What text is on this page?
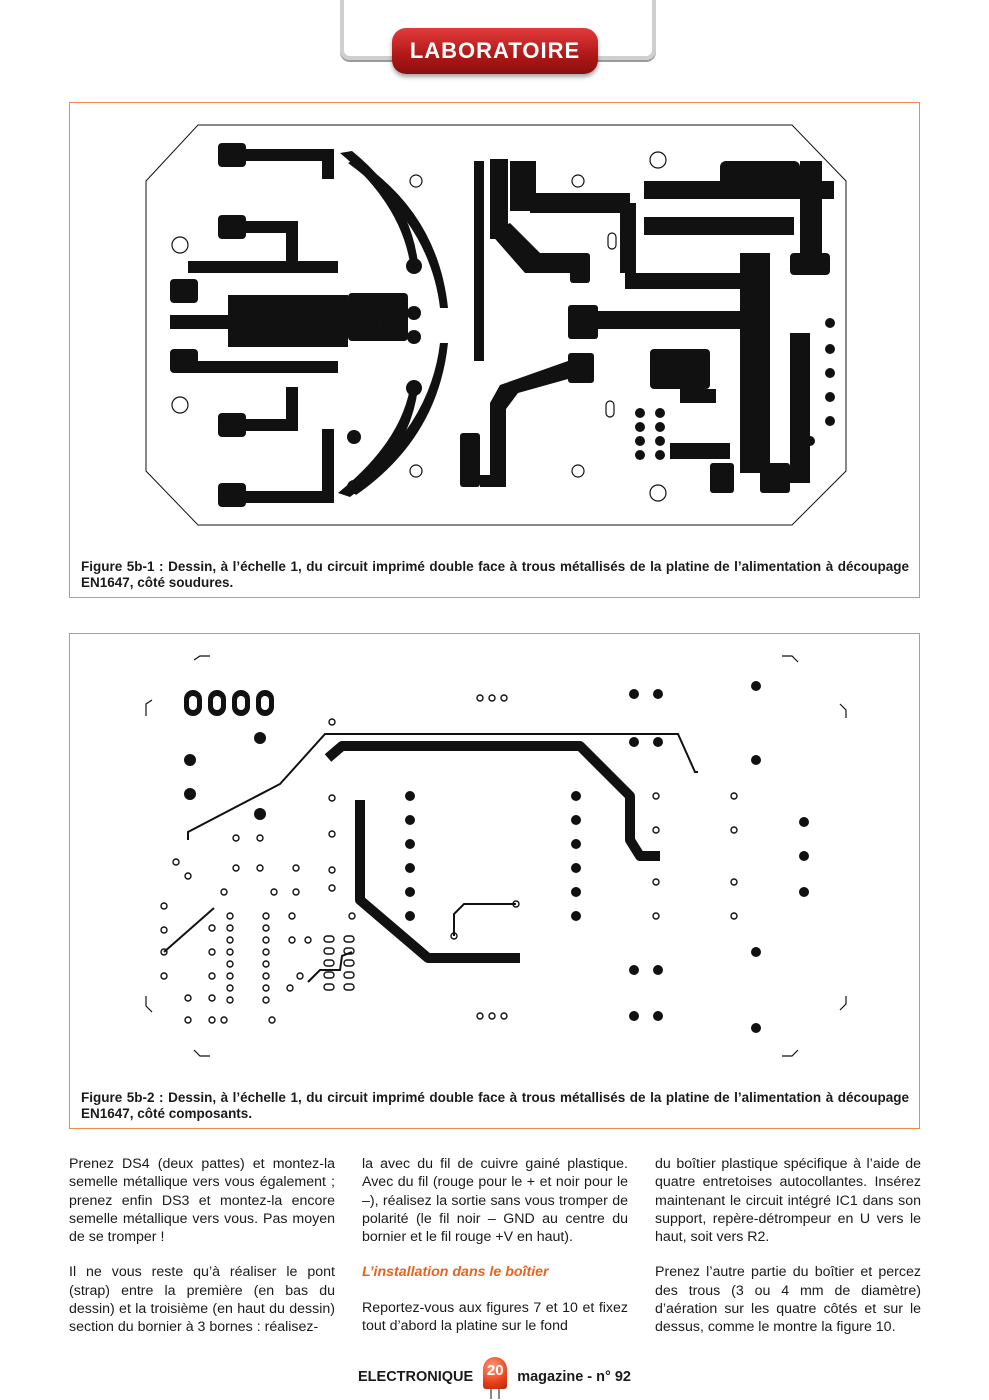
LABORATOIRE
Figure 5b-1 : Dessin, à l’échelle 1, du circuit imprimé double face à trous métallisés de la platine de l’alimentation à découpage EN1647, côté soudures.
Figure 5b-2 : Dessin, à l’échelle 1, du circuit imprimé double face à trous métallisés de la platine de l’alimentation à découpage EN1647, côté composants.

Prenez DS4 (deux pattes) et montez-la semelle métallique vers vous également ; prenez enfin DS3 et montez-la encore semelle métallique vers vous. Pas moyen de se tromper !

Il ne vous reste qu’à réaliser le pont (strap) entre la première (en bas du dessin) et la troisième (en haut du dessin) section du bornier à 3 bornes : réalisez-

la avec du fil de cuivre gainé plastique. Avec du fil (rouge pour le + et noir pour le –), réalisez la sortie sans vous tromper de polarité (le fil noir – GND au centre du bornier et le fil rouge +V en haut).

L’installation dans le boîtier

Reportez-vous aux figures 7 et 10 et fixez tout d’abord la platine sur le fond

du boîtier plastique spécifique à l’aide de quatre entretoises autocollantes. Insérez maintenant le circuit intégré IC1 dans son support, repère-détrompeur en U vers le haut, soit vers R2.

Prenez l’autre partie du boîtier et percez des trous (3 ou 4 mm de diamètre) d’aération sur les quatre côtés et sur le dessus, comme le montre la figure 10.

ELECTRONIQUE 20 magazine - n° 92
